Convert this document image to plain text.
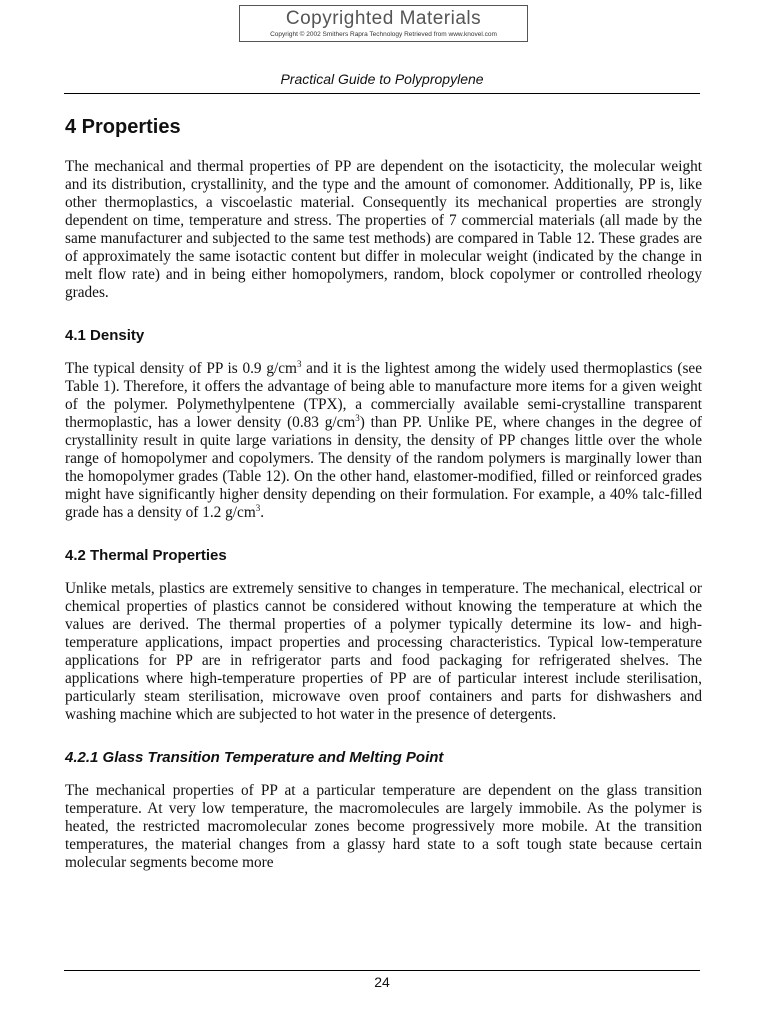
Copyrighted Materials
Copyright © 2002 Smithers Rapra Technology Retrieved from www.knovel.com
Practical Guide to Polypropylene
4 Properties

The mechanical and thermal properties of PP are dependent on the isotacticity, the molecular weight and its distribution, crystallinity, and the type and the amount of comonomer. Additionally, PP is, like other thermoplastics, a viscoelastic material. Consequently its mechanical properties are strongly dependent on time, temperature and stress. The properties of 7 commercial materials (all made by the same manufacturer and subjected to the same test methods) are compared in Table 12. These grades are of approximately the same isotactic content but differ in molecular weight (indicated by the change in melt flow rate) and in being either homopolymers, random, block copolymer or controlled rheology grades.

4.1 Density

The typical density of PP is 0.9 $g/cm^3$ and it is the lightest among the widely used thermoplastics (see Table 1). Therefore, it offers the advantage of being able to manufacture more items for a given weight of the polymer. Polymethylpentene (TPX), a commercially available semi-crystalline transparent thermoplastic, has a lower density (0.83 $g/cm^3$) than PP. Unlike PE, where changes in the degree of crystallinity result in quite large variations in density, the density of PP changes little over the whole range of homopolymer and copolymers. The density of the random polymers is marginally lower than the homopolymer grades (Table 12). On the other hand, elastomer-modified, filled or reinforced grades might have significantly higher density depending on their formulation. For example, a 40% talc-filled grade has a density of 1.2 $g/cm^3$.

4.2 Thermal Properties

Unlike metals, plastics are extremely sensitive to changes in temperature. The mechanical, electrical or chemical properties of plastics cannot be considered without knowing the temperature at which the values are derived. The thermal properties of a polymer typically determine its low- and high-temperature applications, impact properties and processing characteristics. Typical low-temperature applications for PP are in refrigerator parts and food packaging for refrigerated shelves. The applications where high-temperature properties of PP are of particular interest include sterilisation, particularly steam sterilisation, microwave oven proof containers and parts for dishwashers and washing machine which are subjected to hot water in the presence of detergents.

4.2.1 Glass Transition Temperature and Melting Point

The mechanical properties of PP at a particular temperature are dependent on the glass transition temperature. At very low temperature, the macromolecules are largely immobile. As the polymer is heated, the restricted macromolecular zones become progressively more mobile. At the transition temperatures, the material changes from a glassy hard state to a soft tough state because certain molecular segments become more

24
